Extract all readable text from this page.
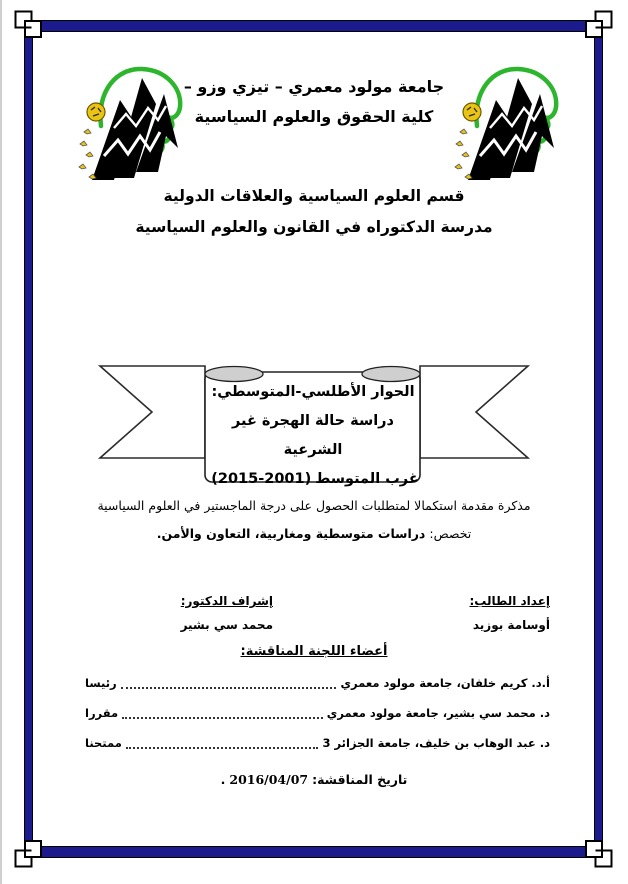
جامعة مولود معمري – تيزي وزو –
كلية الحقوق والعلوم السياسية
قسم العلوم السياسية والعلاقات الدولية
مدرسة الدكتوراه في القانون والعلوم السياسية
الحوار الأطلسي-المتوسطي:
دراسة حالة الهجرة غير الشرعية
غرب المتوسط(2015-2001)
مذكرة مقدمة استكمالا لمتطلبات الحصول على درجة الماجستير في العلوم السياسية
تخصص:دراسات متوسطية ومغاربية، التعاون والأمن.
إعداد الطالب:
أوسامة بوزيد
إشراف الدكتور:
محمد سي بشير
أعضاء اللجنة المناقشة:
أ.د. كريم خلفان، جامعة مولود معمري
رئيسا
د. محمد سي بشير، جامعة مولود معمري
مقررا
د. عبد الوهاب بن خليف، جامعة الجزائر 3
ممتحنا
تاريخ المناقشة:2016/04/07.
